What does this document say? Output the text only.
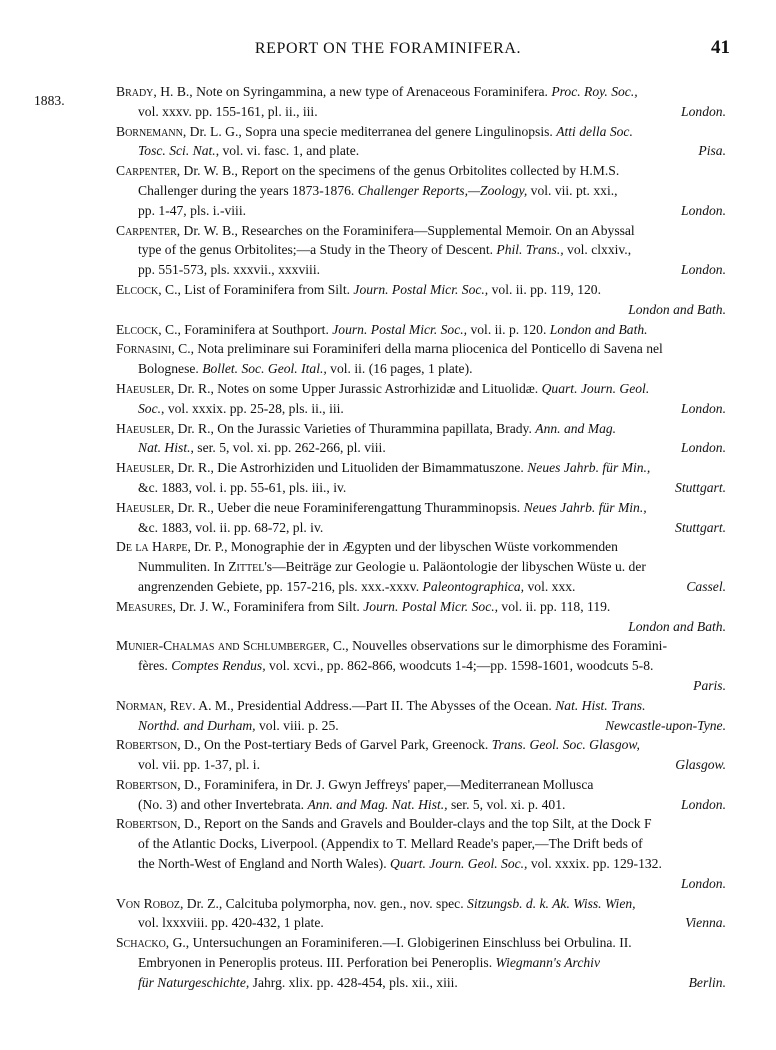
REPORT ON THE FORAMINIFERA.	41
1883.
Brady, H. B., Note on Syringammina, a new type of Arenaceous Foraminifera. Proc. Roy. Soc.,
vol. xxxv. pp. 155-161, pl. ii., iii.	London.
Bornemann, Dr. L. G., Sopra una specie mediterranea del genere Lingulinopsis. Atti della Soc.
Tosc. Sci. Nat., vol. vi. fasc. 1, and plate.	Pisa.
Carpenter, Dr. W. B., Report on the specimens of the genus Orbitolites collected by H.M.S.
Challenger during the years 1873-1876. Challenger Reports,—Zoology, vol. vii. pt. xxi.,
pp. 1-47, pls. i.-viii.	London.
Carpenter, Dr. W. B., Researches on the Foraminifera—Supplemental Memoir. On an Abyssal
type of the genus Orbitolites;—a Study in the Theory of Descent. Phil. Trans., vol. clxxiv.,
pp. 551-573, pls. xxxvii., xxxviii.	London.
Elcock, C., List of Foraminifera from Silt. Journ. Postal Micr. Soc., vol. ii. pp. 119, 120.
London and Bath.
Elcock, C., Foraminifera at Southport. Journ. Postal Micr. Soc., vol. ii. p. 120. London and Bath.
Fornasini, C., Nota preliminare sui Foraminiferi della marna pliocenica del Ponticello di Savena nel
Bolognese. Bollet. Soc. Geol. Ital., vol. ii. (16 pages, 1 plate).
Haeusler, Dr. R., Notes on some Upper Jurassic Astrorhizidæ and Lituolidæ. Quart. Journ. Geol.
Soc., vol. xxxix. pp. 25-28, pls. ii., iii.	London.
Haeusler, Dr. R., On the Jurassic Varieties of Thurammina papillata, Brady. Ann. and Mag.
Nat. Hist., ser. 5, vol. xi. pp. 262-266, pl. viii.	London.
Haeusler, Dr. R., Die Astrorhiziden und Lituoliden der Bimammatuszone. Neues Jahrb. für Min.,
&c. 1883, vol. i. pp. 55-61, pls. iii., iv.	Stuttgart.
Haeusler, Dr. R., Ueber die neue Foraminiferengattung Thuramminopsis. Neues Jahrb. für Min.,
&c. 1883, vol. ii. pp. 68-72, pl. iv.	Stuttgart.
De la Harpe, Dr. P., Monographie der in Ægypten und der libyschen Wüste vorkommenden
Nummuliten. In Zittel's—Beiträge zur Geologie u. Paläontologie der libyschen Wüste u. der
angrenzenden Gebiete, pp. 157-216, pls. xxx.-xxxv. Paleontographica, vol. xxx.	Cassel.
Measures, Dr. J. W., Foraminifera from Silt. Journ. Postal Micr. Soc., vol. ii. pp. 118, 119.
London and Bath.
Munier-Chalmas and Schlumberger, C., Nouvelles observations sur le dimorphisme des Foramini-
fères. Comptes Rendus, vol. xcvi., pp. 862-866, woodcuts 1-4;—pp. 1598-1601, woodcuts 5-8.
Paris.
Norman, Rev. A. M., Presidential Address.—Part II. The Abysses of the Ocean. Nat. Hist. Trans.
Northd. and Durham, vol. viii. p. 25.	Newcastle-upon-Tyne.
Robertson, D., On the Post-tertiary Beds of Garvel Park, Greenock. Trans. Geol. Soc. Glasgow,
vol. vii. pp. 1-37, pl. i.	Glasgow.
Robertson, D., Foraminifera, in Dr. J. Gwyn Jeffreys' paper,—Mediterranean Mollusca
(No. 3) and other Invertebrata. Ann. and Mag. Nat. Hist., ser. 5, vol. xi. p. 401.	London.
Robertson, D., Report on the Sands and Gravels and Boulder-clays and the top Silt, at the Dock F
of the Atlantic Docks, Liverpool. (Appendix to T. Mellard Reade's paper,—The Drift beds of
the North-West of England and North Wales). Quart. Journ. Geol. Soc., vol. xxxix. pp. 129-132.
London.
Von Roboz, Dr. Z., Calcituba polymorpha, nov. gen., nov. spec. Sitzungsb. d. k. Ak. Wiss. Wien,
vol. lxxxviii. pp. 420-432, 1 plate.	Vienna.
Schacko, G., Untersuchungen an Foraminiferen.—I. Globigerinen Einschluss bei Orbulina. II.
Embryonen in Peneroplis proteus. III. Perforation bei Peneroplis. Wiegmann's Archiv
für Naturgeschichte, Jahrg. xlix. pp. 428-454, pls. xii., xiii.	Berlin.
